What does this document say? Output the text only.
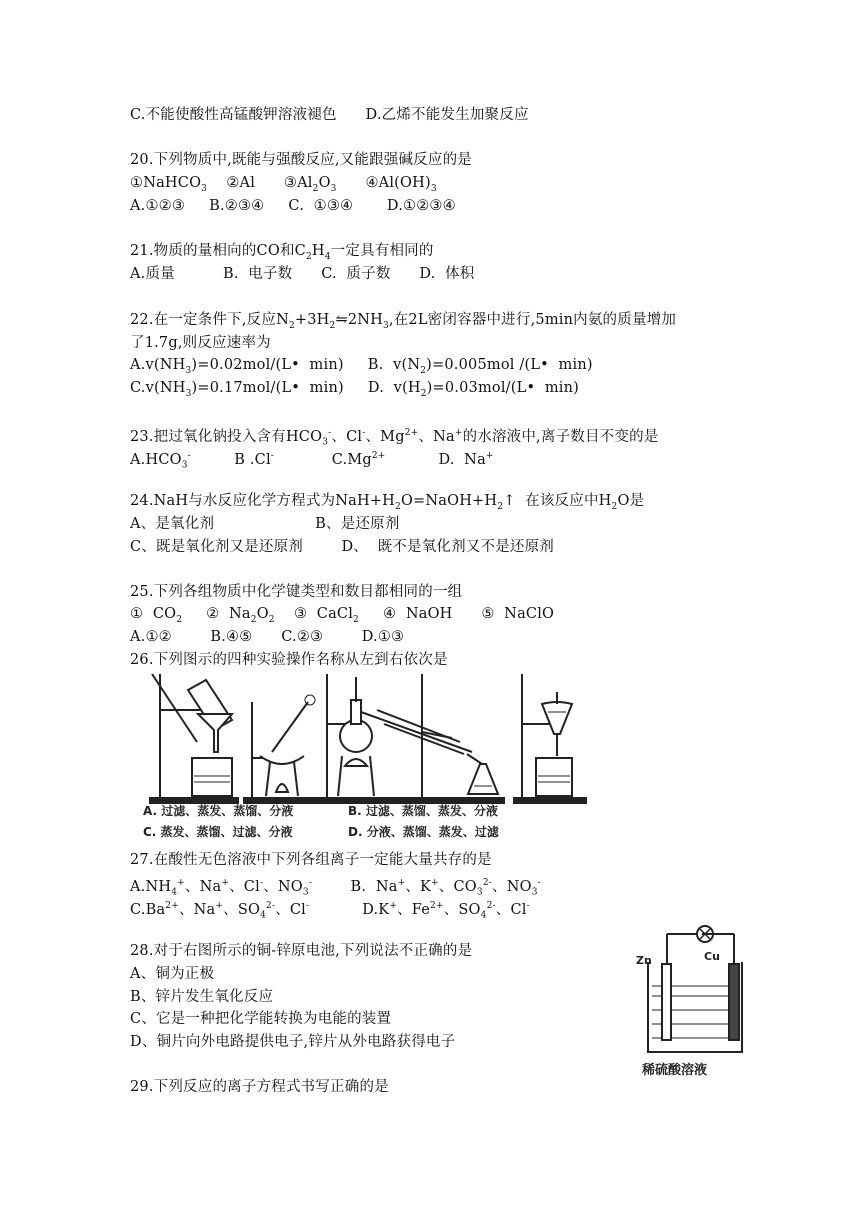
C.不能使酸性高锰酸钾溶液褪色      D.乙烯不能发生加聚反应
20.下列物质中,既能与强酸反应,又能跟强碱反应的是
①NaHCO$_3$    ②Al      $③Al_2O_3$      $④Al(OH)_3$
A.①②③     B.②③④     C.  ①③④       D.①②③④
21.物质的量相向的CO和$C_2H_4$一定具有相同的
A.质量          B.  电子数      C.  质子数      D.  体积
22.在一定条件下,反应$N_2+3H_2⇋2NH_3$,在2L密闭容器中进行,5min内氨的质量增加
了1.7g,则反应速率为
$A.v(NH_3)=0.02mol/(L•$  min)     B.  $v(N_2)=0.005mol$ /(L•  min)
$C.v(NH_3)=0.17mol/(L•$  min)     D.  $v(H_2)=0.03mol/(L•$  min)
23.把过氧化钠投入含有$HCO_3^-$、Cl-、$Mg^{2+}$、Na+的水溶液中,离子数目不变的是
$A.HCO_3^-$         B .Cl-            $C.Mg^{2+}$           D.  Na+
24.NaH与水反应化学方程式为$NaH+H_2O=NaOH+H_2↑$  在该反应中$H_2O$是
A、是氧化剂                     B、是还原剂
C、既是氧化剂又是还原剂        D、  既不是氧化剂又不是还原剂
25.下列各组物质中化学键类型和数目都相同的一组
①  $CO_2$     ②  $Na_2O_2$    ③  CaCl$_2$     ④  NaOH      ⑤  NaClO
A.①②        B.④⑤      C.②③        D.①③
26.下列图示的四种实验操作名称从左到右依次是
A. 过滤、蒸发、蒸馏、分液	B. 过滤、蒸馏、蒸发、分液
C. 蒸发、蒸馏、过滤、分液	D. 分液、蒸馏、蒸发、过滤
27.在酸性无色溶液中下列各组离子一定能大量共存的是
$A.NH_4^+$、Na+、Cl-、$NO_3^-$	B.  Na+、K+、$CO_3^{2-}$、$NO_3^-$
$C.Ba^{2+}$、Na+、$SO_4^{2-}$、Cl-	D.K+、$Fe^{2+}$、$SO_4^{2-}$、Cl-
28.对于右图所示的铜-锌原电池,下列说法不正确的是
A、铜为正极
B、锌片发生氧化反应
C、它是一种把化学能转换为电能的装置
D、铜片向外电路提供电子,锌片从外电路获得电子
Zn	Cu
稀硫酸溶液
29.下列反应的离子方程式书写正确的是
